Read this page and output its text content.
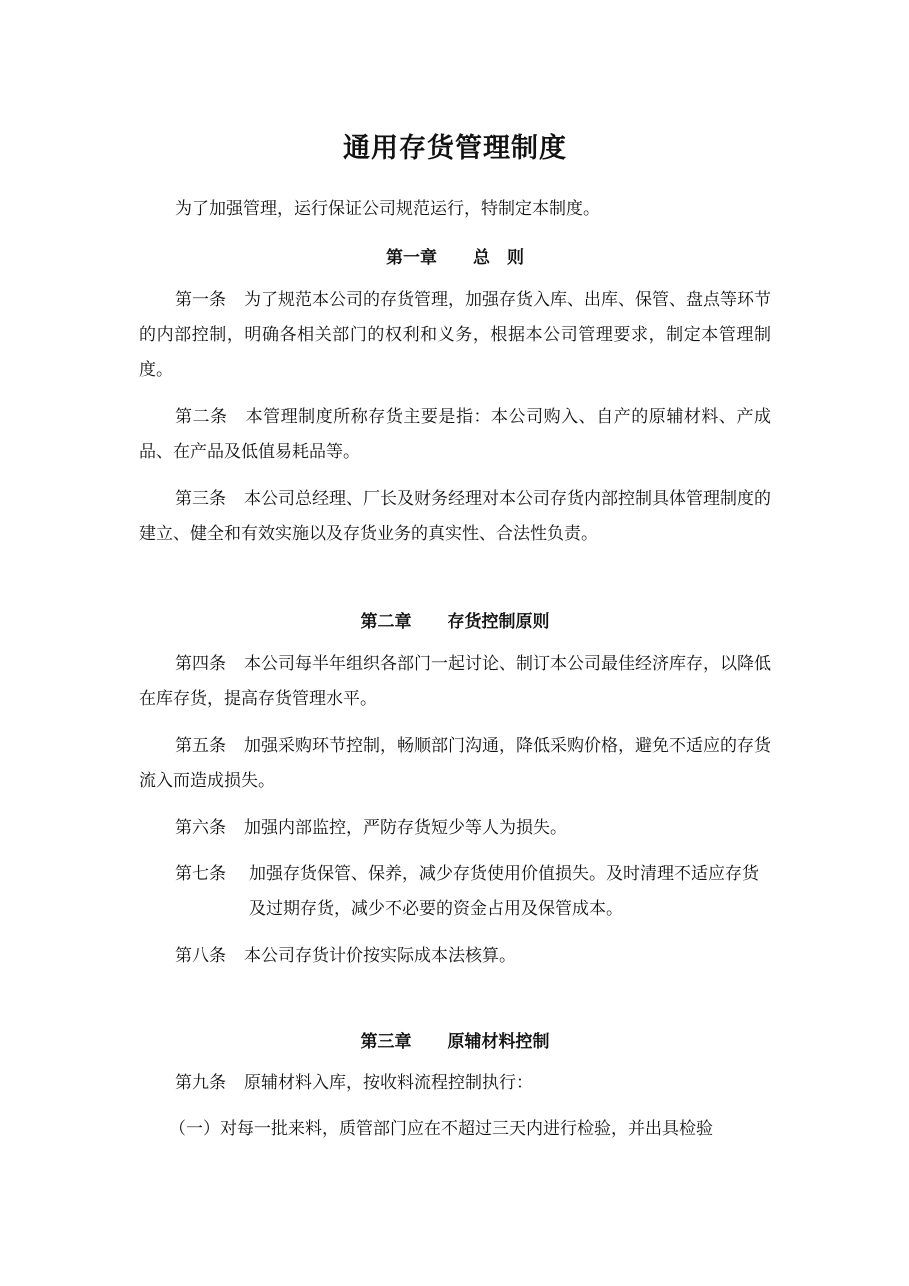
通用存货管理制度
为了加强管理，运行保证公司规范运行，特制定本制度。
第一章 总　则
第一条 为了规范本公司的存货管理，加强存货入库、出库、保管、盘点等环节的内部控制，明确各相关部门的权利和义务，根据本公司管理要求，制定本管理制度。
第二条 本管理制度所称存货主要是指：本公司购入、自产的原辅材料、产成品、在产品及低值易耗品等。
第三条 本公司总经理、厂长及财务经理对本公司存货内部控制具体管理制度的建立、健全和有效实施以及存货业务的真实性、合法性负责。
第二章 存货控制原则
第四条 本公司每半年组织各部门一起讨论、制订本公司最佳经济库存，以降低在库存货，提高存货管理水平。
第五条 加强采购环节控制，畅顺部门沟通，降低采购价格，避免不适应的存货流入而造成损失。
第六条 加强内部监控，严防存货短少等人为损失。
第七条 加强存货保管、保养，减少存货使用价值损失。及时清理不适应存货及过期存货，减少不必要的资金占用及保管成本。
第八条 本公司存货计价按实际成本法核算。
第三章 原辅材料控制
第九条 原辅材料入库，按收料流程控制执行：
（一）对每一批来料，质管部门应在不超过三天内进行检验，并出具检验
